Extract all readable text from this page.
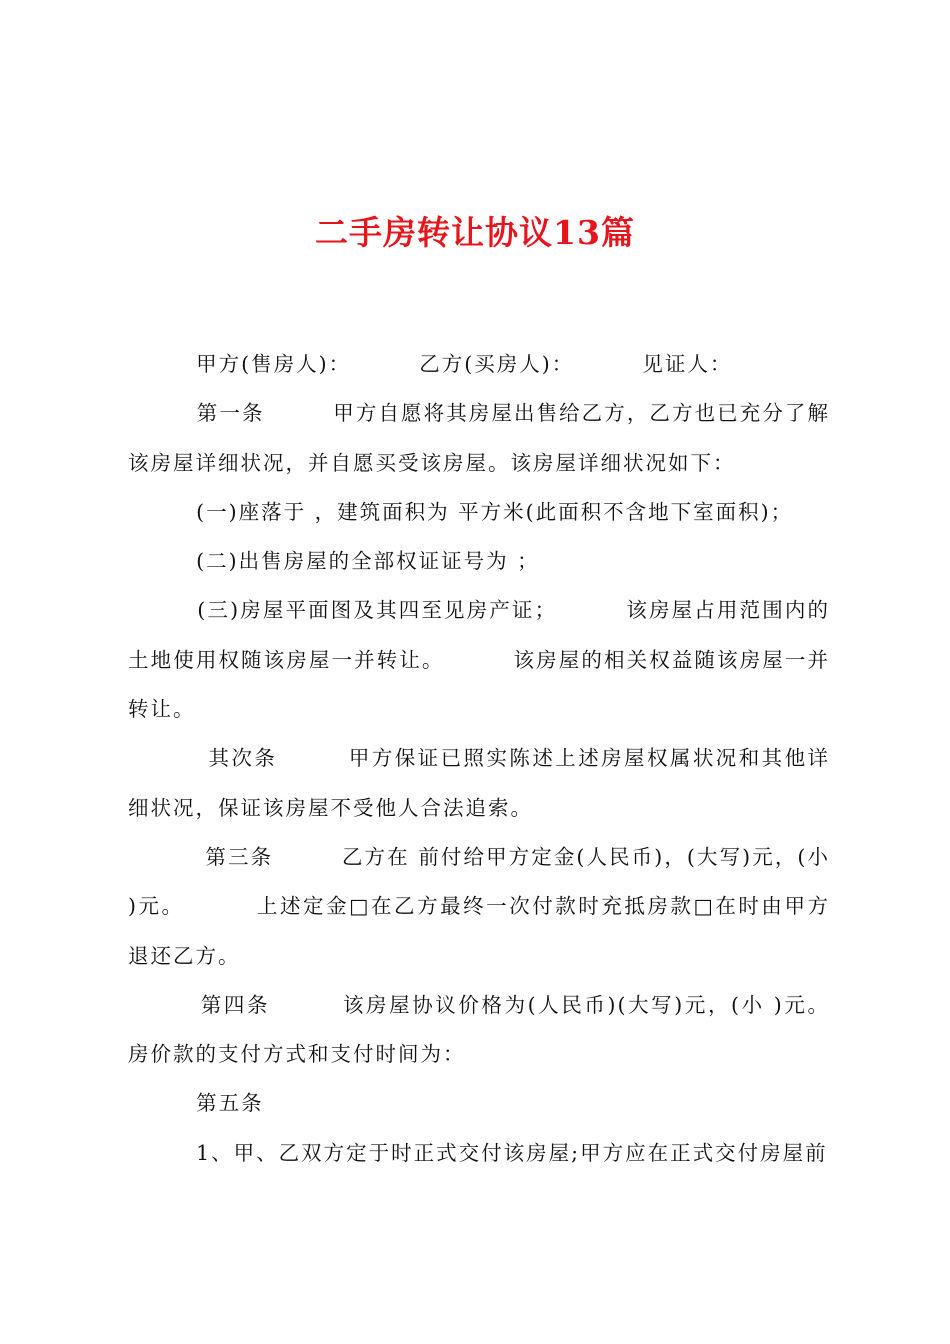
二手房转让协议13篇

甲方(售房人)：        乙方(买房人)：        见证人：

第一条        甲方自愿将其房屋出售给乙方，乙方也已充分了解该房屋详细状况，并自愿买受该房屋。该房屋详细状况如下：

(一)座落于 ，建筑面积为 平方米(此面积不含地下室面积)；

(二)出售房屋的全部权证证号为 ；

(三)房屋平面图及其四至见房产证；        该房屋占用范围内的土地使用权随该房屋一并转让。        该房屋的相关权益随该房屋一并转让。

其次条        甲方保证已照实陈述上述房屋权属状况和其他详细状况，保证该房屋不受他人合法追索。

第三条        乙方在 前付给甲方定金(人民币)，(大写)元，(小 )元。        上述定金□在乙方最终一次付款时充抵房款□在时由甲方退还乙方。

第四条        该房屋协议价格为(人民币)(大写)元，(小 )元。        房价款的支付方式和支付时间为：

第五条

1、甲、乙双方定于时正式交付该房屋;甲方应在正式交付房屋前
